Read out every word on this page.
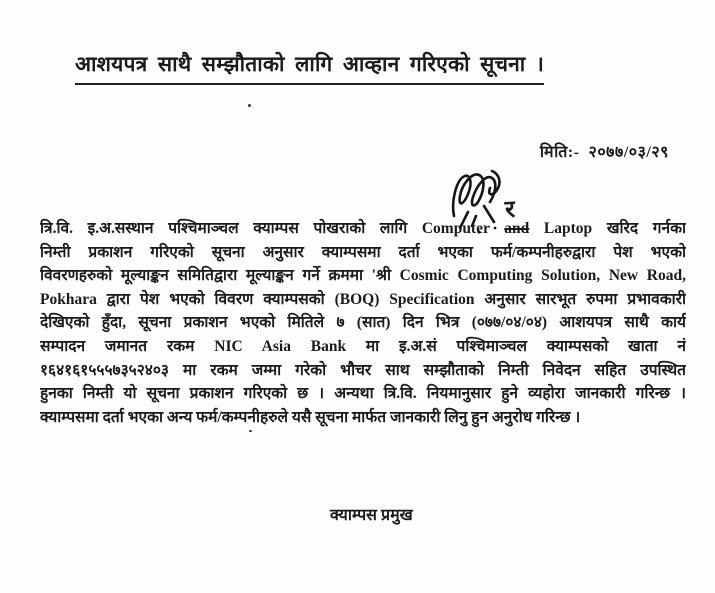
आशयपत्र साथै सम्झौताको लागि आव्हान गरिएको सूचना ।
मिति:-  २०७७/०३/२९
र
त्रि.वि. इ.अ.सस्थान पश्चिमाञ्चल क्याम्पस पोखराको लागि Computer and Laptop खरिद गर्नका
निम्ती प्रकाशन गरिएको सूचना अनुसार क्याम्पसमा दर्ता भएका फर्म/कम्पनीहरुद्वारा पेश भएको
विवरणहरुको मूल्याङ्कन समितिद्वारा मूल्याङ्कन गर्ने क्रममा 'श्री Cosmic Computing Solution, New Road,
Pokhara द्वारा पेश भएको विवरण क्याम्पसको (BOQ) Specification अनुसार सारभूत रुपमा प्रभावकारी
देखिएको हुँदा, सूचना प्रकाशन भएको मितिले ७ (सात) दिन भित्र (०७७/०४/०४) आशयपत्र साथै कार्य
सम्पादन जमानत रकम NIC Asia Bank मा इ.अ.सं पश्चिमाञ्चल क्याम्पसको खाता नं
१६४१६१५५५७३५२४०३ मा रकम जम्मा गरेको भौचर साथ सम्झौताको निम्ती निवेदन सहित उपस्थित
हुनका निम्ती यो सूचना प्रकाशन गरिएको छ । अन्यथा त्रि.वि. नियमानुसार हुने व्यहोरा जानकारी गरिन्छ ।
क्याम्पसमा दर्ता भएका अन्य फर्म/कम्पनीहरुले यसै सूचना मार्फत जानकारी लिनु हुन अनुरोध गरिन्छ ।
क्याम्पस प्रमुख
